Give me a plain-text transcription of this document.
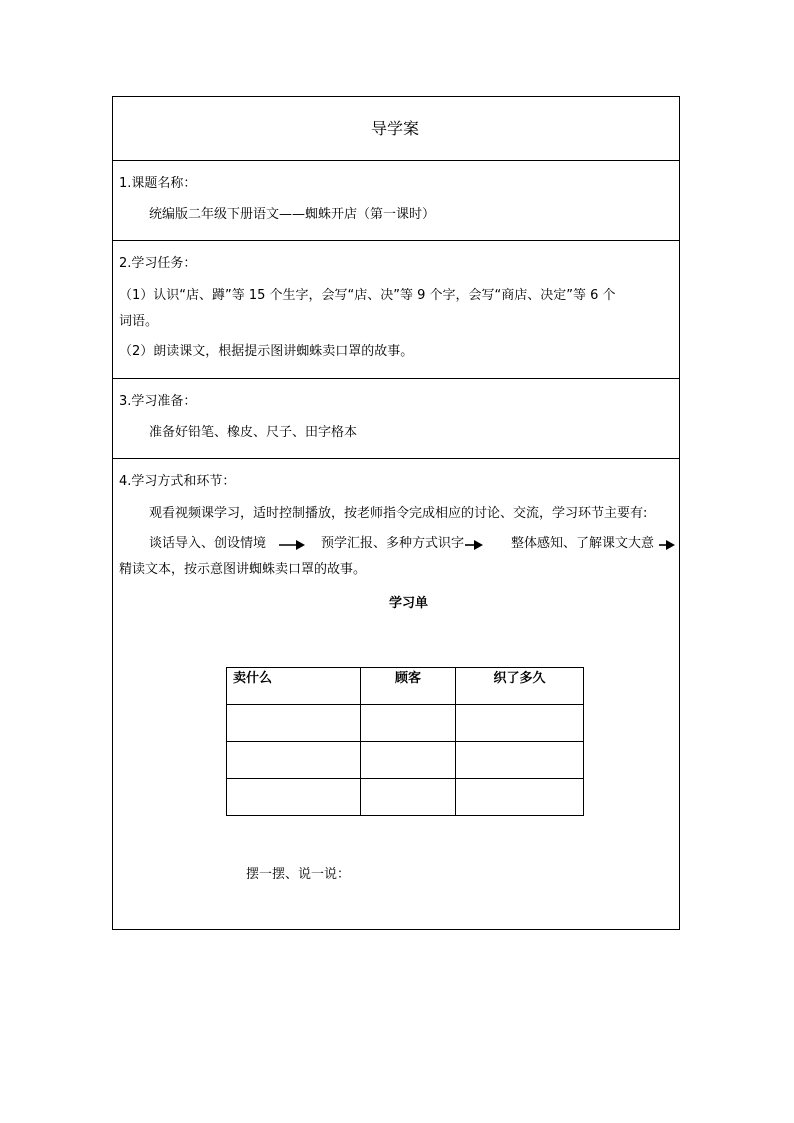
导学案
1.课题名称：
统编版二年级下册语文——蜘蛛开店（第一课时）
2.学习任务：
（1）认识“店、蹲”等 15 个生字，会写“店、决”等 9 个字，会写“商店、决定”等 6 个
词语。
（2）朗读课文，根据提示图讲蜘蛛卖口罩的故事。
3.学习准备：
准备好铅笔、橡皮、尺子、田字格本
4.学习方式和环节：
观看视频课学习，适时控制播放，按老师指令完成相应的讨论、交流，学习环节主要有:
谈话导入、创设情境	预学汇报、多种方式识字	整体感知、了解课文大意
精读文本，按示意图讲蜘蛛卖口罩的故事。
学习单
卖什么	顾客	织了多久

摆一摆、说一说：
